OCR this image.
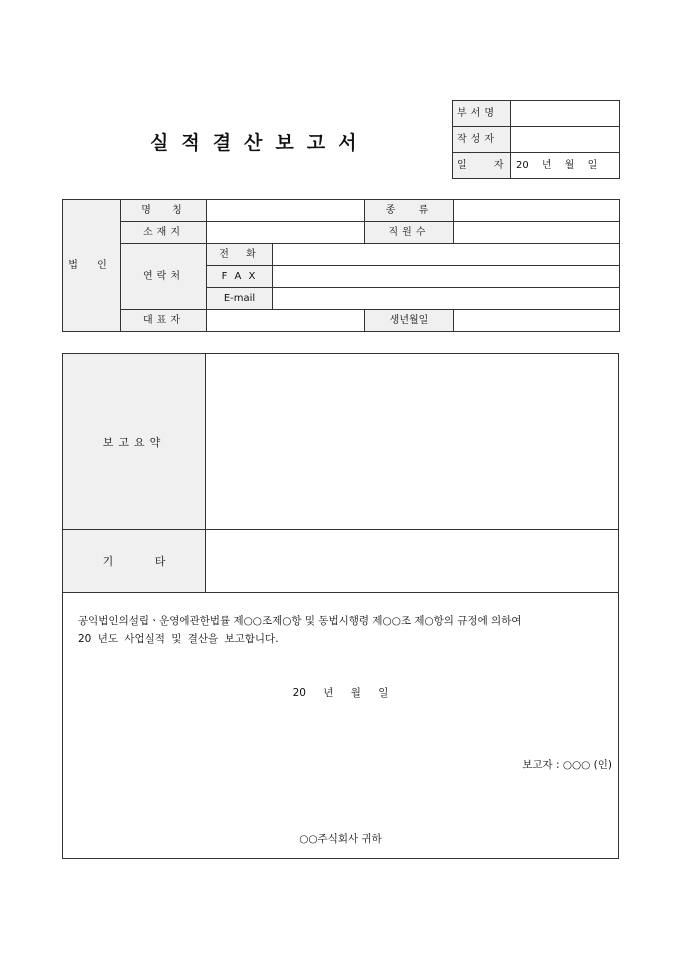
실적결산보고서
부서명	
작성자	
일 자	20 년 월 일
법 인	명 칭			종 류	
	소재지			직원수	
	연락처	전 화			
		F A X			
		E-mail			
	대표자			생년월일	
보고요약
기 타
공익법인의설립ㆍ운영에관한법률 제○○조제○항 및 동법시행령 제○○조 제○항의 규정에 의하여
20 년도 사업실적 및 결산을 보고합니다.
20 년 월 일
보고자 : ○○○ (인)
○○주식회사 귀하
